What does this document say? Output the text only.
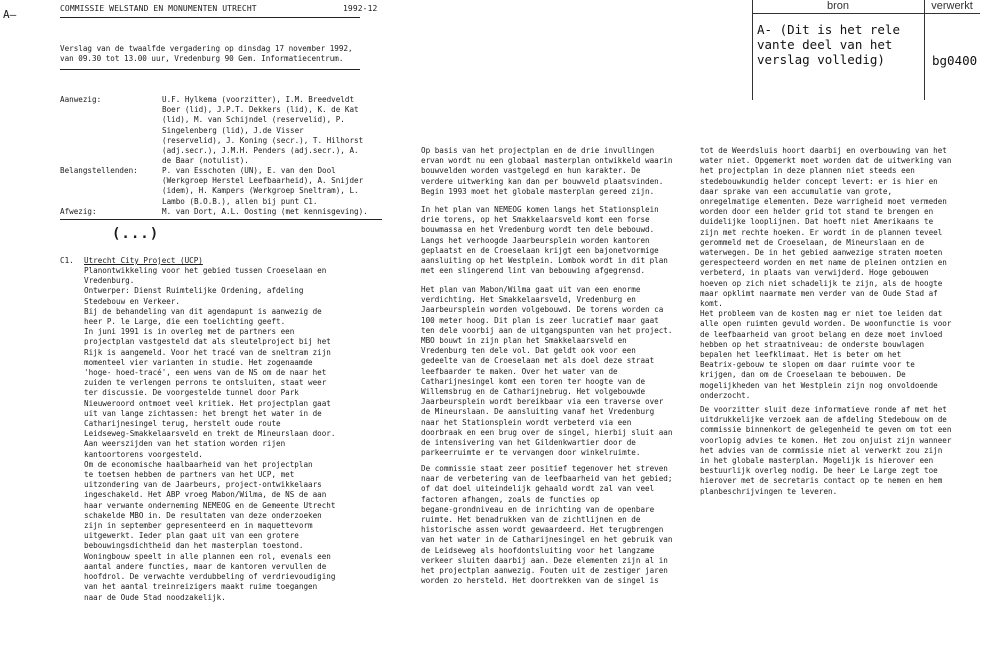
A—	COMMISSIE WELSTAND EN MONUMENTEN UTRECHT	1992-12
Verslag van de twaalfde vergadering op dinsdag 17 november 1992,
van 09.30 tot 13.00 uur, Vredenburg 90 Gem. Informatiecentrum.
Aanwezig:	U.F. Hylkema (voorzitter), I.M. Breedveldt
Boer (lid), J.P.T. Dekkers (lid), K. de Kat
(lid), M. van Schijndel (reservelid), P.
Singelenberg (lid), J.de Visser
(reservelid), J. Koning (secr.), T. Hilhorst
(adj.secr.), J.M.H. Penders (adj.secr.), A.
de Baar (notulist).
Belangstellenden:	P. van Esschoten (UN), E. van den Dool
(Werkgroep Herstel Leefbaarheid), A. Snijder
(idem), H. Kampers (Werkgroep Sneltram), L.
Lambo (B.O.B.), allen bij punt C1.
Afwezig:	M. van Dort, A.L. Oosting (met kennisgeving).
(...)
C1. Utrecht City Project (UCP)
Planontwikkeling voor het gebied tussen Croeselaan en
Vredenburg.
Ontwerper: Dienst Ruimtelijke Ordening, afdeling
Stedebouw en Verkeer.
Bij de behandeling van dit agendapunt is aanwezig de
heer P. le Large, die een toelichting geeft.
In juni 1991 is in overleg met de partners een
projectplan vastgesteld dat als sleutelproject bij het
Rijk is aangemeld. Voor het tracé van de sneltram zijn
momenteel vier varianten in studie. Het zogenaamde
'hoge- hoed-tracé', een wens van de NS om de naar het
zuiden te verlengen perrons te ontsluiten, staat weer
ter discussie. De voorgestelde tunnel door Park
Nieuweroord ontmoet veel kritiek. Het projectplan gaat
uit van lange zichtassen: het brengt het water in de
Catharijnesingel terug, herstelt oude route
Leidseweg-Smakkelaarsveld en trekt de Mineurslaan door.
Aan weerszijden van het station worden rijen
kantoortorens voorgesteld.
Om de economische haalbaarheid van het projectplan
te toetsen hebben de partners van het UCP, met
uitzondering van de Jaarbeurs, project-ontwikkelaars
ingeschakeld. Het ABP vroeg Mabon/Wilma, de NS de aan
haar verwante onderneming NEMEOG en de Gemeente Utrecht
schakelde MBO in. De resultaten van deze onderzoeken
zijn in september gepresenteerd en in maquettevorm
uitgewerkt. Ieder plan gaat uit van een grotere
bebouwingsdichtheid dan het masterplan toestond.
Woningbouw speelt in alle plannen een rol, evenals een
aantal andere functies, maar de kantoren vervullen de
hoofdrol. De verwachte verdubbeling of verdrievoudiging
van het aantal treinreizigers maakt ruime toegangen
naar de Oude Stad noodzakelijk.
Op basis van het projectplan en de drie invullingen
ervan wordt nu een globaal masterplan ontwikkeld waarin
bouwvelden worden vastgelegd en hun karakter. De
verdere uitwerking kan dan per bouwveld plaatsvinden.
Begin 1993 moet het globale masterplan gereed zijn.
In het plan van NEMEOG komen langs het Stationsplein
drie torens, op het Smakkelaarsveld komt een forse
bouwmassa en het Vredenburg wordt ten dele bebouwd.
Langs het verhoogde Jaarbeursplein worden kantoren
geplaatst en de Croeselaan krijgt een bajonetvormige
aansluiting op het Westplein. Lombok wordt in dit plan
met een slingerend lint van bebouwing afgegrensd.
Het plan van Mabon/Wilma gaat uit van een enorme
verdichting. Het Smakkelaarsveld, Vredenburg en
Jaarbeursplein worden volgebouwd. De torens worden ca
100 meter hoog. Dit plan is zeer lucratief maar gaat
ten dele voorbij aan de uitgangspunten van het project.
MBO bouwt in zijn plan het Smakkelaarsveld en
Vredenburg ten dele vol. Dat geldt ook voor een
gedeelte van de Croeselaan met als doel deze straat
leefbaarder te maken. Over het water van de
Catharijnesingel komt een toren ter hoogte van de
Willemsbrug en de Catharijnebrug. Het volgebouwde
Jaarbeursplein wordt bereikbaar via een traverse over
de Mineurslaan. De aansluiting vanaf het Vredenburg
naar het Stationsplein wordt verbeterd via een
doorbraak en een brug over de singel, hierbij sluit aan
de intensivering van het Gildenkwartier door de
parkeerruimte er te vervangen door winkelruimte.
De commissie staat zeer positief tegenover het streven
naar de verbetering van de leefbaarheid van het gebied;
of dat doel uiteindelijk gehaald wordt zal van veel
factoren afhangen, zoals de functies op
begane-grondniveau en de inrichting van de openbare
ruimte. Het benadrukken van de zichtlijnen en de
historische assen wordt gewaardeerd. Het terugbrengen
van het water in de Catharijnesingel en het gebruik van
de Leidseweg als hoofdontsluiting voor het langzame
verkeer sluiten daarbij aan. Deze elementen zijn al in
het projectplan aanwezig. Fouten uit de zestiger jaren
worden zo hersteld. Het doortrekken van de singel is
tot de Weerdsluis hoort daarbij en overbouwing van het
water niet. Opgemerkt moet worden dat de uitwerking van
het projectplan in deze plannen niet steeds een
stedebouwkundig helder concept levert: er is hier en
daar sprake van een accumulatie van grote,
onregelmatige elementen. Deze warrigheid moet vermeden
worden door een helder grid tot stand te brengen en
duidelijke looplijnen. Dat hoeft niet Amerikaans te
zijn met rechte hoeken. Er wordt in de plannen teveel
gerommeld met de Croeselaan, de Mineurslaan en de
waterwegen. De in het gebied aanwezige straten moeten
gerespecteerd worden en met name de pleinen ontzien en
verbeterd, in plaats van verwijderd. Hoge gebouwen
hoeven op zich niet schadelijk te zijn, als de hoogte
maar opklimt naarmate men verder van de Oude Stad af
komt.
Het probleem van de kosten mag er niet toe leiden dat
alle open ruimten gevuld worden. De woonfunctie is voor
de leefbaarheid van groot belang en deze moet invloed
hebben op het straatniveau: de onderste bouwlagen
bepalen het leefklimaat. Het is beter om het
Beatrix-gebouw te slopen om daar ruimte voor te
krijgen, dan om de Croeselaan te bebouwen. De
mogelijkheden van het Westplein zijn nog onvoldoende
onderzocht.
De voorzitter sluit deze informatieve ronde af met het
uitdrukkelijke verzoek aan de afdeling Stedebouw om de
commissie binnenkort de gelegenheid te geven om tot een
voorlopig advies te komen. Het zou onjuist zijn wanneer
het advies van de commissie niet al verwerkt zou zijn
in het globale masterplan. Mogelijk is hierover een
bestuurlijk overleg nodig. De heer Le Large zegt toe
hierover met de secretaris contact op te nemen en hem
planbeschrijvingen te leveren.
bron	verwerkt
A- (Dit is het rele
vante deel van het
verslag volledig)	bg0400
